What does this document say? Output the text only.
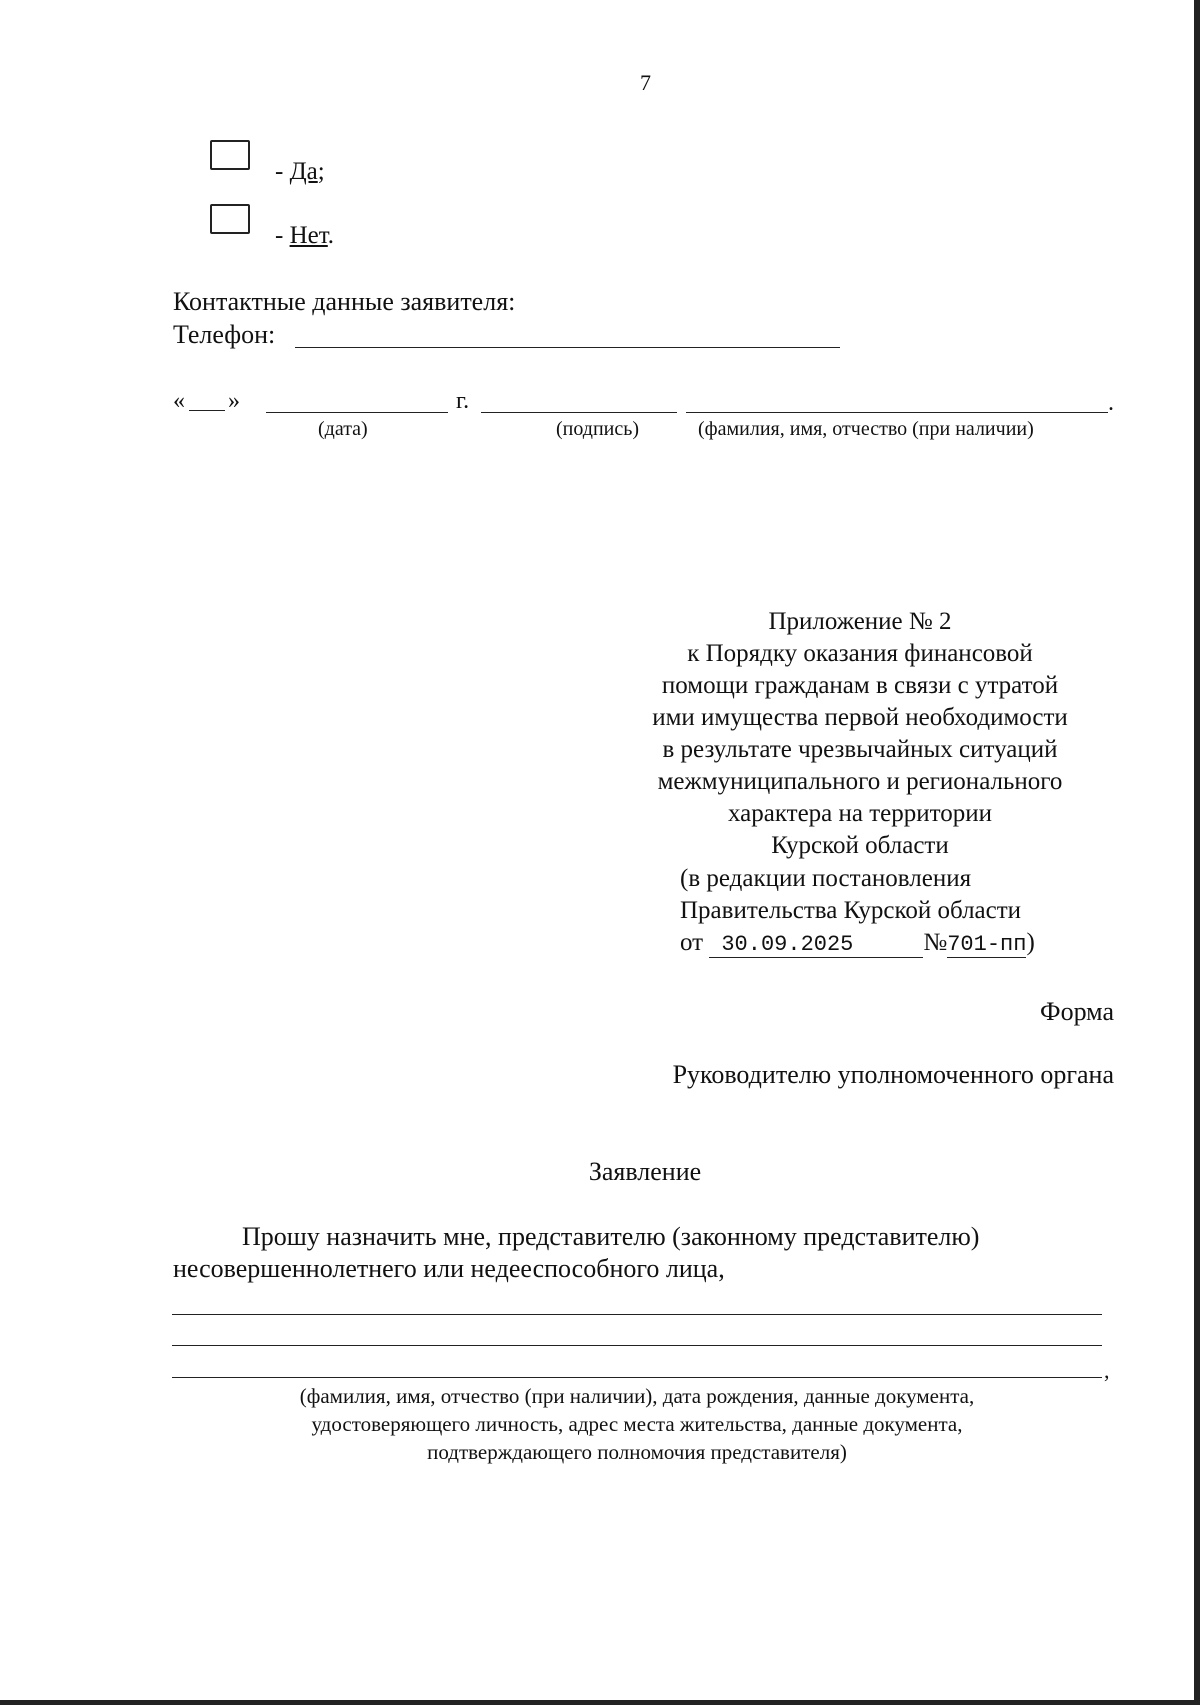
7
- Да;
- Нет.
Контактные данные заявителя:
Телефон:
« »	г.	.
(дата)	(подпись)	(фамилия, имя, отчество (при наличии)
Приложение № 2
к Порядку оказания финансовой
помощи гражданам в связи с утратой
ими имущества первой необходимости
в результате чрезвычайных ситуаций
межмуниципального и регионального
характера на территории
Курской области
(в редакции постановления
Правительства Курской области
от 30.09.2025	№701-пп)
Форма
Руководителю уполномоченного органа
Заявление
Прошу назначить мне, представителю (законному представителю)
несовершеннолетнего или недееспособного лица,
,
(фамилия, имя, отчество (при наличии), дата рождения, данные документа,
удостоверяющего личность, адрес места жительства, данные документа,
подтверждающего полномочия представителя)
